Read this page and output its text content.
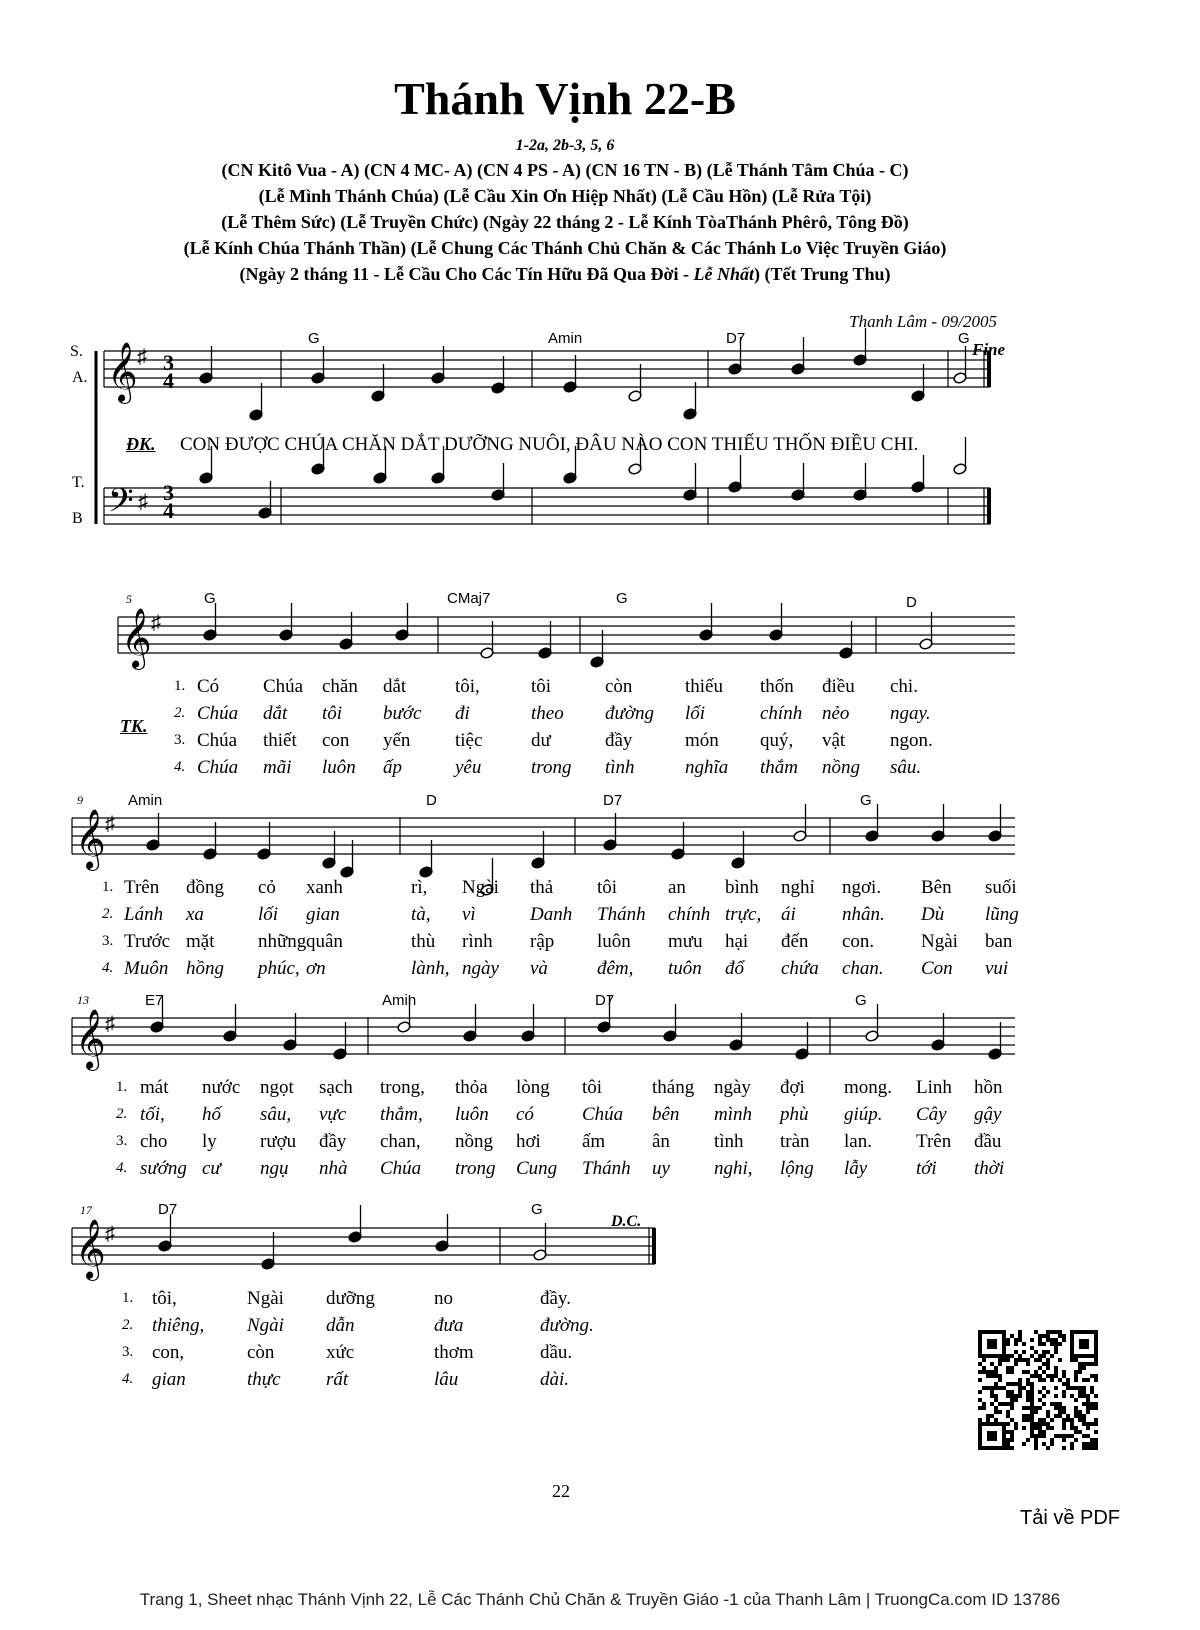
Thánh Vịnh 22-B
1-2a, 2b-3, 5, 6
(CN Kitô Vua - A) (CN 4 MC- A) (CN 4 PS - A) (CN 16 TN - B) (Lễ Thánh Tâm Chúa - C)
(Lễ Mình Thánh Chúa) (Lễ Cầu Xin Ơn Hiệp Nhất) (Lễ Cầu Hồn) (Lễ Rửa Tội)
(Lễ Thêm Sức) (Lễ Truyền Chức) (Ngày 22 tháng 2 - Lễ Kính TòaThánh Phêrô, Tông Đồ)
(Lễ Kính Chúa Thánh Thần) (Lễ Chung Các Thánh Chủ Chăn & Các Thánh Lo Việc Truyền Giáo)
(Ngày 2 tháng 11 - Lễ Cầu Cho Các Tín Hữu Đã Qua Đời - Lễ Nhất) (Tết Trung Thu)
Thanh Lâm - 09/2005
𝄞 ♯
𝄢 ♯
𝄞 ♯
𝄞 ♯
𝄞 ♯
𝄞 ♯
S.
A.
T.
B
3
4
3
4
G	Amin	D7	G
Fine
ĐK. CON ĐƯỢC CHÚA CHĂN DẮT DƯỠNG NUÔI, ĐÂU NÀO CON THIẾU THỐN ĐIỀU CHI.
5
9
13
17
G	CMaj7	G	D
Amin	D	D7	G
E7	Amin	D7	G
D7	G
D.C.
TK.
1. Có Chúa chăn dắt	tôi,	tôi	còn	thiếu thốn điều chi.
2. Chúa dắt tôi bước đi	theo đường lối	chính nẻo ngay.
3. Chúa thiết con yến tiệc	dư	đầy	món quý, vật ngon.
4. Chúa mãi luôn ấp	yêu	trong tình	nghĩa thắm nồng sâu.
1. Trên đồng cỏ xanh	rì, Ngài thả tôi	an bình nghỉ ngơi. Bên suối
2. Lánh xa	lối gian	tà, vì	Danh Thánh chính trực, ái nhân. Dù lũng
3. Trước mặt những quân	thù rình rập luôn mưu hại đến con. Ngài ban
4. Muôn hồng phúc, ơn	lành, ngày và	đêm, tuôn đổ chứa chan. Con vui
1. mát nước ngọt sạch trong, thỏa lòng tôi	tháng ngày đợi mong. Linh hồn
2. tối, hố sâu, vực thẳm, luôn có	Chúa bên mình phù giúp. Cây gậy
3. cho ly rượu đầy chan, nồng hơi ấm ân tình tràn lan. Trên đầu
4. sướng cư ngụ nhà Chúa trong Cung Thánh uy nghi, lộng lẫy	tới thời
1. tôi,	Ngài dưỡng	no	đầy.
2. thiêng, Ngài dẫn	đưa	đường.
3. con,	còn	xức	thơm	dầu.
4. gian	thực rất	lâu	dài.
22
Tải về PDF
Trang 1, Sheet nhạc Thánh Vịnh 22, Lễ Các Thánh Chủ Chăn & Truyền Giáo -1 của Thanh Lâm | TruongCa.com ID 13786
